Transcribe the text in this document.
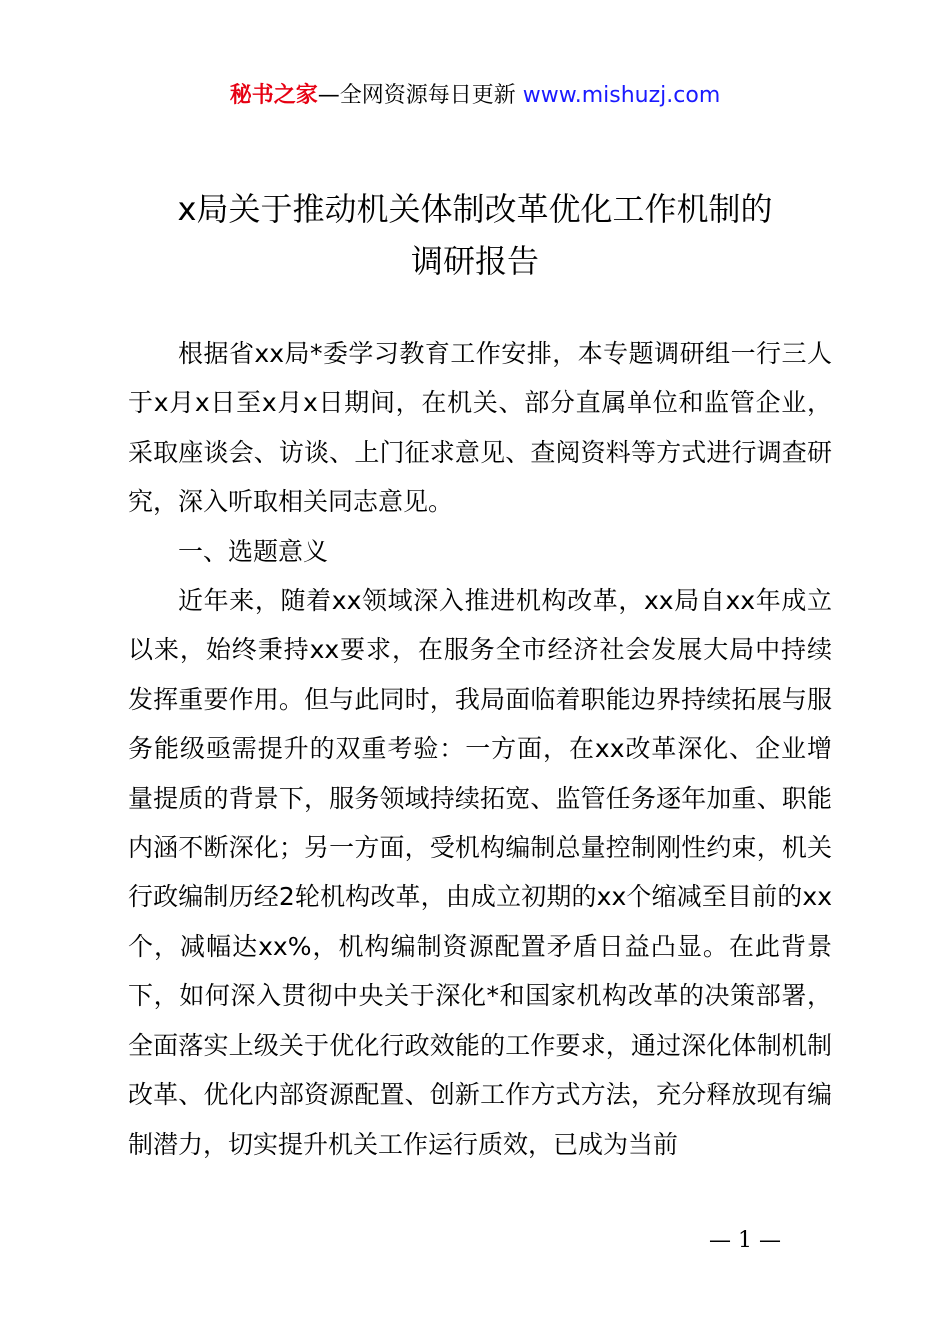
秘书之家—全网资源每日更新 www.mishuzj.com
x局关于推动机关体制改革优化工作机制的
调研报告

根据省xx局*委学习教育工作安排，本专题调研组一行三人于x月x日至x月x日期间，在机关、部分直属单位和监管企业，采取座谈会、访谈、上门征求意见、查阅资料等方式进行调查研究，深入听取相关同志意见。

一、选题意义

近年来，随着xx领域深入推进机构改革，xx局自xx年成立以来，始终秉持xx要求，在服务全市经济社会发展大局中持续发挥重要作用。但与此同时，我局面临着职能边界持续拓展与服务能级亟需提升的双重考验：一方面，在xx改革深化、企业增量提质的背景下，服务领域持续拓宽、监管任务逐年加重、职能内涵不断深化；另一方面，受机构编制总量控制刚性约束，机关行政编制历经2轮机构改革，由成立初期的xx个缩减至目前的xx个，减幅达xx%，机构编制资源配置矛盾日益凸显。在此背景下，如何深入贯彻中央关于深化*和国家机构改革的决策部署，全面落实上级关于优化行政效能的工作要求，通过深化体制机制改革、优化内部资源配置、创新工作方式方法，充分释放现有编制潜力，切实提升机关工作运行质效，已成为当前

— 1 —
